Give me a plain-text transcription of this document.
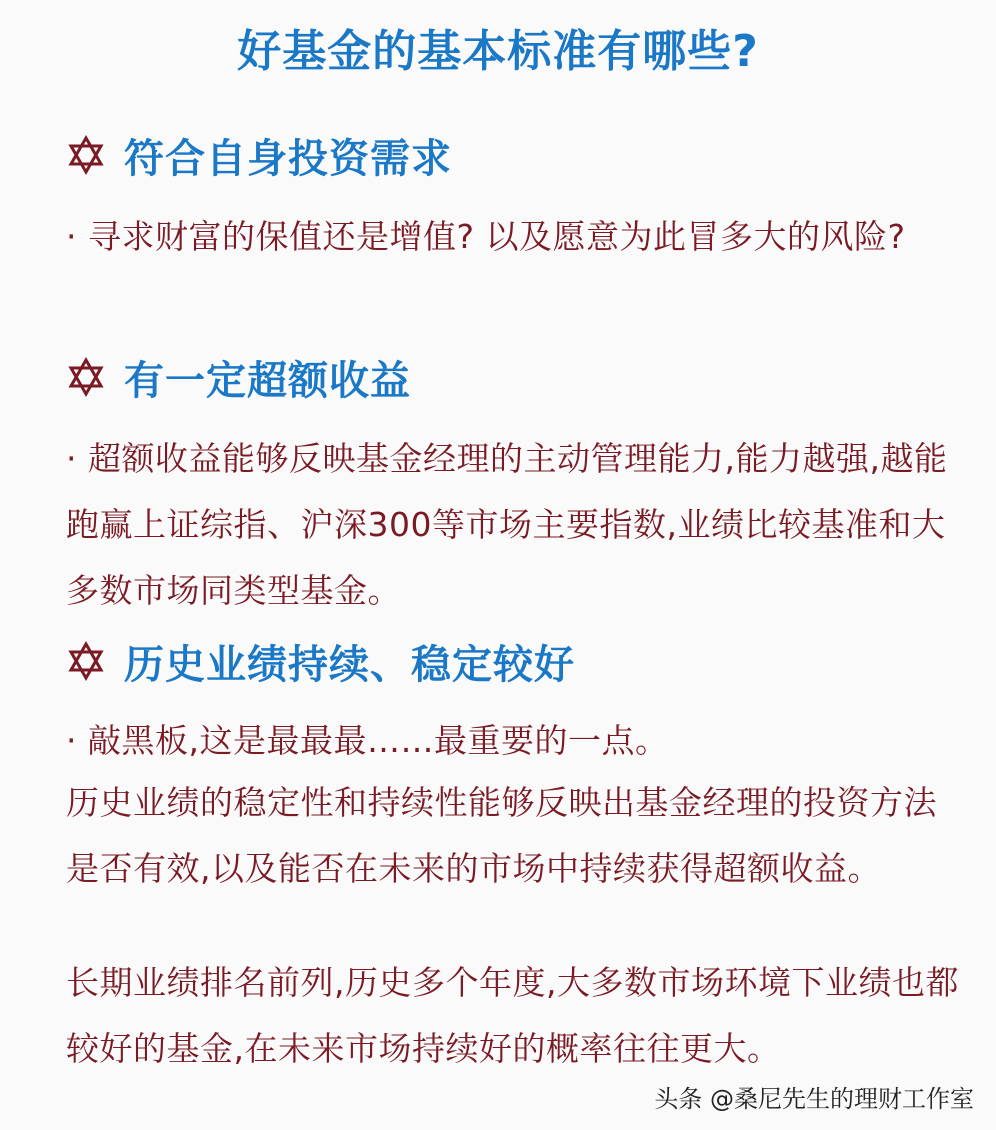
好基金的基本标准有哪些?
符合自身投资需求
· 寻求财富的保值还是增值? 以及愿意为此冒多大的风险?
有一定超额收益
· 超额收益能够反映基金经理的主动管理能力,能力越强,越能跑赢上证综指、沪深300等市场主要指数,业绩比较基准和大多数市场同类型基金。
历史业绩持续、稳定较好
· 敲黑板,这是最最最……最重要的一点。
历史业绩的稳定性和持续性能够反映出基金经理的投资方法是否有效,以及能否在未来的市场中持续获得超额收益。
长期业绩排名前列,历史多个年度,大多数市场环境下业绩也都较好的基金,在未来市场持续好的概率往往更大。
头条 @桑尼先生的理财工作室
